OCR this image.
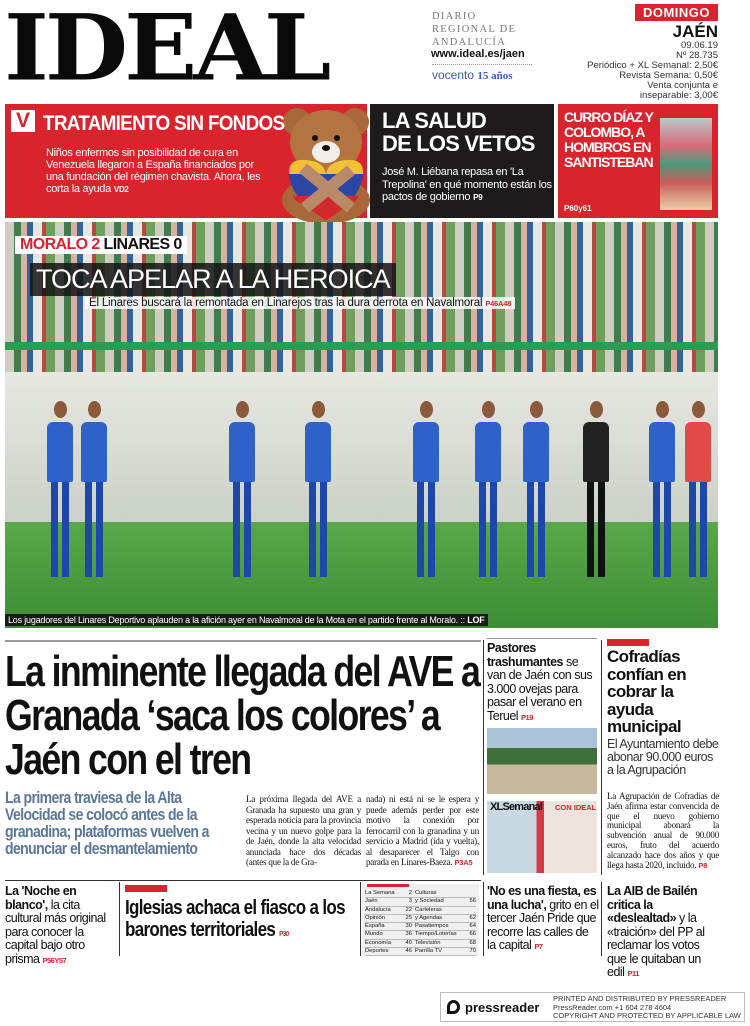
IDEAL	DIARIO REGIONAL DE ANDALUCÍA
www.ideal.es/jaen
vocento 15 años
DOMINGO
JAÉN
09.06.19
Nº 28.735
Periódico + XL Semanal: 2,50€
Revista Semana: 0,50€
Venta conjunta e
inseparable: 3,00€
V TRATAMIENTO SIN FONDOS
Niños enfermos sin posibilidad de cura en Venezuela llegaron a España financiados por una fundación del régimen chavista. Ahora, les corta la ayuda VD2
LA SALUD
DE LOS VETOS
José M. Liébana repasa en 'La Trepolina' en qué momento están los pactos de gobierno P9
CURRO DÍAZ Y COLOMBO, A HOMBROS EN SANTISTEBAN
P60y61
MORALO 2 LINARES 0
TOCA APELAR A LA HEROICA
El Linares buscará la remontada en Linarejos tras la dura derrota en Navalmoral P46A48
Los jugadores del Linares Deportivo aplauden a la afición ayer en Navalmoral de la Mota en el partido frente al Moralo. :: LOF
La inminente llegada del AVE a Granada ‘saca los colores’ a Jaén con el tren
La primera traviesa de la Alta Velocidad se colocó antes de la granadina; plataformas vuelven a denunciar el desmantelamiento
La próxima llegada del AVE a Granada ha supuesto una gran y esperada noticia para la provincia vecina y un nuevo golpe para la de Jaén, donde la alta velocidad anunciada hace dos décadas (antes que la de Gra-
nada) ni está ni se le espera y puede además perder por este motivo la conexión por ferrocarril con la granadina y un servicio a Madrid (ida y vuelta), al desaparecer el Talgo con parada en Linares-Baeza. P3A5
Pastores trashumantes se van de Jaén con sus 3.000 ovejas para pasar el verano en Teruel P19
XLSemanal CON IDEAL
Cofradías confían en cobrar la ayuda municipal
El Ayuntamiento debe abonar 90.000 euros a la Agrupación
La Agrupación de Cofradías de Jaén afirma estar convencida de que el nuevo gobierno municipal abonará la subvención anual de 90.000 euros, fruto del acuerdo alcanzado hace dos años y que llega hasta 2020, incluido. P8
La 'Noche en blanco', la cita cultural más original para conocer la capital bajo otro prisma P56Y57
Iglesias achaca el fiasco a los barones territoriales P30
La Semana 2 Culturas
Jaén	3 y Sociedad	56
Andalucía	22 Carteleras
Opinión	25 y Agendas	62
España	30 Pasatiempos	64
Mundo	36 Tiempo/Loterías 66
Economía 40 Televisión	68
Deportes	46 Parrilla TV	70
'No es una fiesta, es una lucha', grito en el tercer Jaén Pride que recorre las calles de la capital P7
La AIB de Bailén critica la «deslealtad» y la «traición» del PP al reclamar los votos que le quitaban un edil P11
pressreader
PRINTED AND DISTRIBUTED BY PRESSREADER
PressReader.com +1 604 278 4604
COPYRIGHT AND PROTECTED BY APPLICABLE LAW
